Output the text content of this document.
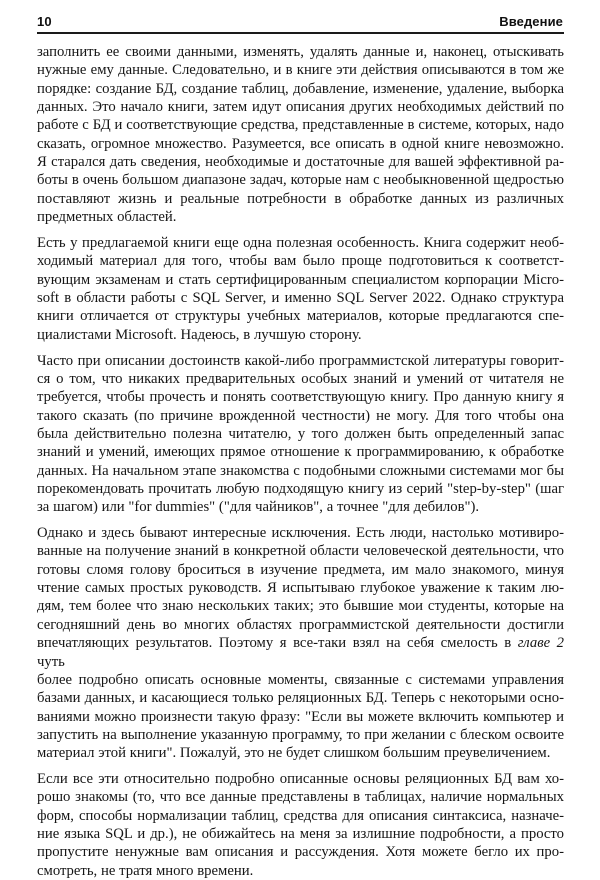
10	Введение

заполнить ее своими данными, изменять, удалять данные и, наконец, отыскивать
нужные ему данные. Следовательно, и в книге эти действия описываются в том же
порядке: создание БД, создание таблиц, добавление, изменение, удаление, выборка
данных. Это начало книги, затем идут описания других необходимых действий по
работе с БД и соответствующие средства, представленные в системе, которых, надо
сказать, огромное множество. Разумеется, все описать в одной книге невозможно.
Я старался дать сведения, необходимые и достаточные для вашей эффективной ра-
боты в очень большом диапазоне задач, которые нам с необыкновенной щедростью
поставляют жизнь и реальные потребности в обработке данных из различных
предметных областей.

Есть у предлагаемой книги еще одна полезная особенность. Книга содержит необ-
ходимый материал для того, чтобы вам было проще подготовиться к соответст-
вующим экзаменам и стать сертифицированным специалистом корпорации Micro-
soft в области работы с SQL Server, и именно SQL Server 2022. Однако структура
книги отличается от структуры учебных материалов, которые предлагаются спе-
циалистами Microsoft. Надеюсь, в лучшую сторону.

Часто при описании достоинств какой-либо программистской литературы говорит-
ся о том, что никаких предварительных особых знаний и умений от читателя не
требуется, чтобы прочесть и понять соответствующую книгу. Про данную книгу я
такого сказать (по причине врожденной честности) не могу. Для того чтобы она
была действительно полезна читателю, у того должен быть определенный запас
знаний и умений, имеющих прямое отношение к программированию, к обработке
данных. На начальном этапе знакомства с подобными сложными системами мог бы
порекомендовать прочитать любую подходящую книгу из серий "step-by-step" (шаг
за шагом) или "for dummies" ("для чайников", а точнее "для дебилов").

Однако и здесь бывают интересные исключения. Есть люди, настолько мотивиро-
ванные на получение знаний в конкретной области человеческой деятельности, что
готовы сломя голову броситься в изучение предмета, им мало знакомого, минуя
чтение самых простых руководств. Я испытываю глубокое уважение к таким лю-
дям, тем более что знаю нескольких таких; это бывшие мои студенты, которые на
сегодняшний день во многих областях программистской деятельности достигли
впечатляющих результатов. Поэтому я все-таки взял на себя смелость в главе 2 чуть
более подробно описать основные моменты, связанные с системами управления
базами данных, и касающиеся только реляционных БД. Теперь с некоторыми осно-
ваниями можно произнести такую фразу: "Если вы можете включить компьютер и
запустить на выполнение указанную программу, то при желании с блеском освоите
материал этой книги". Пожалуй, это не будет слишком большим преувеличением.

Если все эти относительно подробно описанные основы реляционных БД вам хо-
рошо знакомы (то, что все данные представлены в таблицах, наличие нормальных
форм, способы нормализации таблиц, средства для описания синтаксиса, назначе-
ние языка SQL и др.), не обижайтесь на меня за излишние подробности, а просто
пропустите ненужные вам описания и рассуждения. Хотя можете бегло их про-
смотреть, не тратя много времени.
